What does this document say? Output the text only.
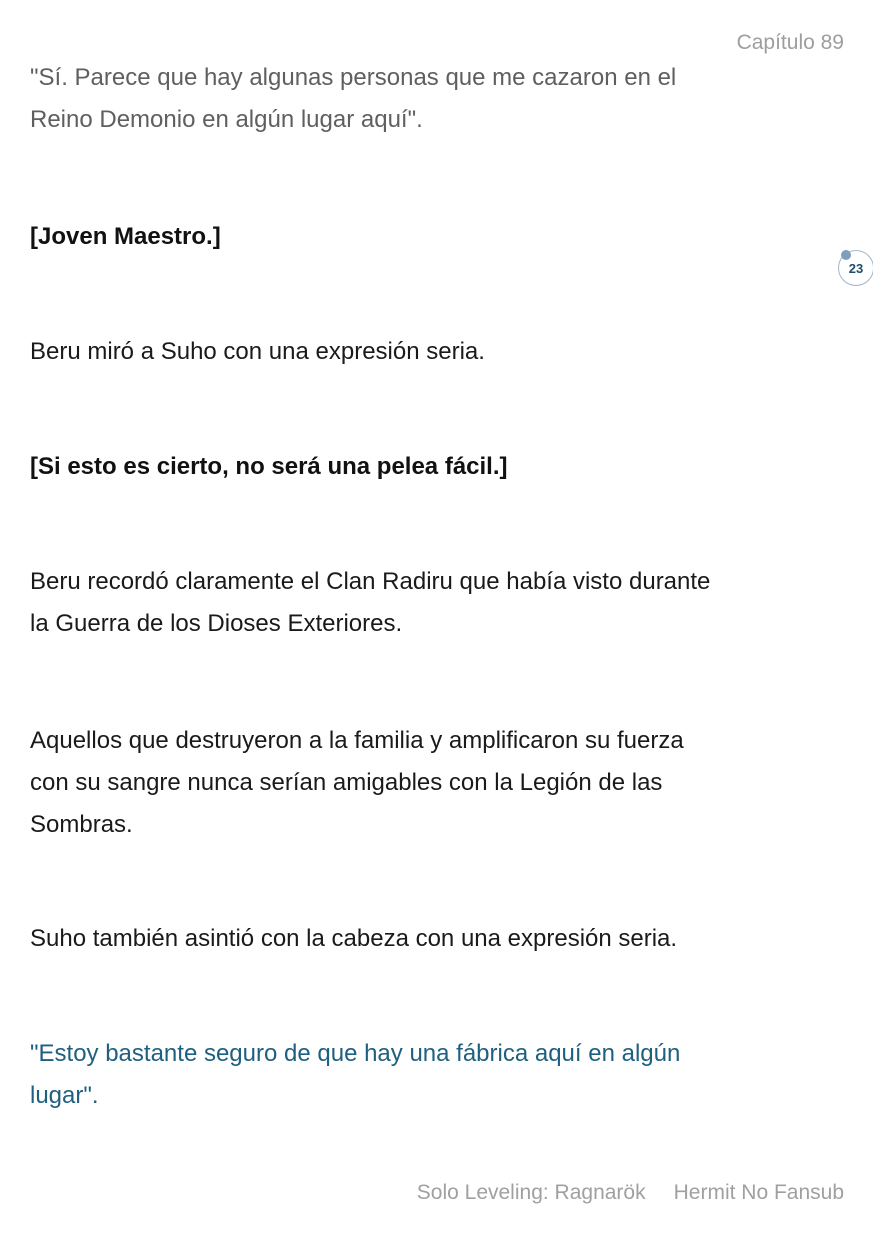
Capítulo 89
"Sí. Parece que hay algunas personas que me cazaron en el
Reino Demonio en algún lugar aquí".
[Joven Maestro.]
Beru miró a Suho con una expresión seria.
[Si esto es cierto, no será una pelea fácil.]
Beru recordó claramente el Clan Radiru que había visto durante
la Guerra de los Dioses Exteriores.
Aquellos que destruyeron a la familia y amplificaron su fuerza
con su sangre nunca serían amigables con la Legión de las
Sombras.
Suho también asintió con la cabeza con una expresión seria.
"Estoy bastante seguro de que hay una fábrica aquí en algún
lugar".
23
Solo Leveling: Ragnarök Hermit No Fansub
